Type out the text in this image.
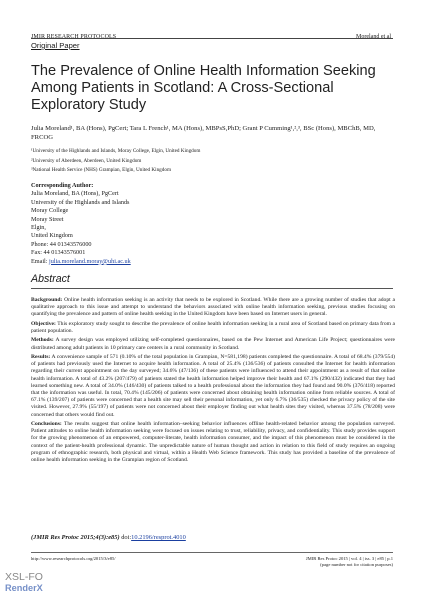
JMIR RESEARCH PROTOCOLS	Moreland et al
Original Paper
The Prevalence of Online Health Information Seeking Among Patients in Scotland: A Cross-Sectional Exploratory Study
Julia Moreland¹, BA (Hons), PgCert; Tara L French¹, MA (Hons), MBPsS,PhD; Grant P Cumming¹,²,³, BSc (Hons), MBChB, MD, FRCOG
¹University of the Highlands and Islands, Moray College, Elgin, United Kingdom
²University of Aberdeen, Aberdeen, United Kingdom
³National Health Service (NHS) Grampian, Elgin, United Kingdom
Corresponding Author:
Julia Moreland, BA (Hons), PgCert
University of the Highlands and Islands
Moray College
Moray Street
Elgin,
United Kingdom
Phone: 44 01343576000
Fax: 44 01343576001
Email: julia.moreland.moray@uhi.ac.uk
Abstract

Background: Online health information seeking is an activity that needs to be explored in Scotland. While there are a growing number of studies that adopt a qualitative approach to this issue and attempt to understand the behaviors associated with online health information seeking, previous studies focusing on quantifying the prevalence and pattern of online health seeking in the United Kingdom have been based on Internet users in general.

Objective: This exploratory study sought to describe the prevalence of online health information seeking in a rural area of Scotland based on primary data from a patient population.

Methods: A survey design was employed utilizing self-completed questionnaires, based on the Pew Internet and American Life Project; questionnaires were distributed among adult patients in 10 primary care centers in a rural community in Scotland.

Results: A convenience sample of 571 (0.10% of the total population in Grampian, N=581,198) patients completed the questionnaire. A total of 68.4% (379/554) of patients had previously used the Internet to acquire health information. A total of 25.4% (136/536) of patients consulted the Internet for health information regarding their current appointment on the day surveyed; 34.6% (47/136) of these patients were influenced to attend their appointment as a result of that online health information. A total of 43.2% (207/479) of patients stated the health information helped improve their health and 67.1% (290/432) indicated that they had learned something new. A total of 34.0% (146/430) of patients talked to a health professional about the information they had found and 90.0% (376/418) reported that the information was useful. In total, 70.4% (145/206) of patients were concerned about obtaining health information online from reliable sources. A total of 67.1% (139/207) of patients were concerned that a health site may sell their personal information, yet only 6.7% (36/535) checked the privacy policy of the site visited. However, 27.9% (55/197) of patients were not concerned about their employer finding out what health sites they visited, whereas 37.5% (78/208) were concerned that others would find out.

Conclusions: The results suggest that online health information–seeking behavior influences offline health-related behavior among the population surveyed. Patient attitudes to online health information seeking were focused on issues relating to trust, reliability, privacy, and confidentiality. This study provides support for the growing phenomenon of an empowered, computer-literate, health information consumer, and the impact of this phenomenon must be considered in the context of the patient-health professional dynamic. The unpredictable nature of human thought and action in relation to this field of study requires an ongoing program of ethnographic research, both physical and virtual, within a Health Web Science framework. This study has provided a baseline of the prevalence of online health information seeking in the Grampian region of Scotland.

(JMIR Res Protoc 2015;4(3):e85) doi:10.2196/resprot.4010
http://www.researchprotocols.org/2015/3/e85/	JMIR Res Protoc 2015 | vol. 4 | iss. 3 | e85 | p.1
(page number not for citation purposes)
XSL-FO
RenderX
